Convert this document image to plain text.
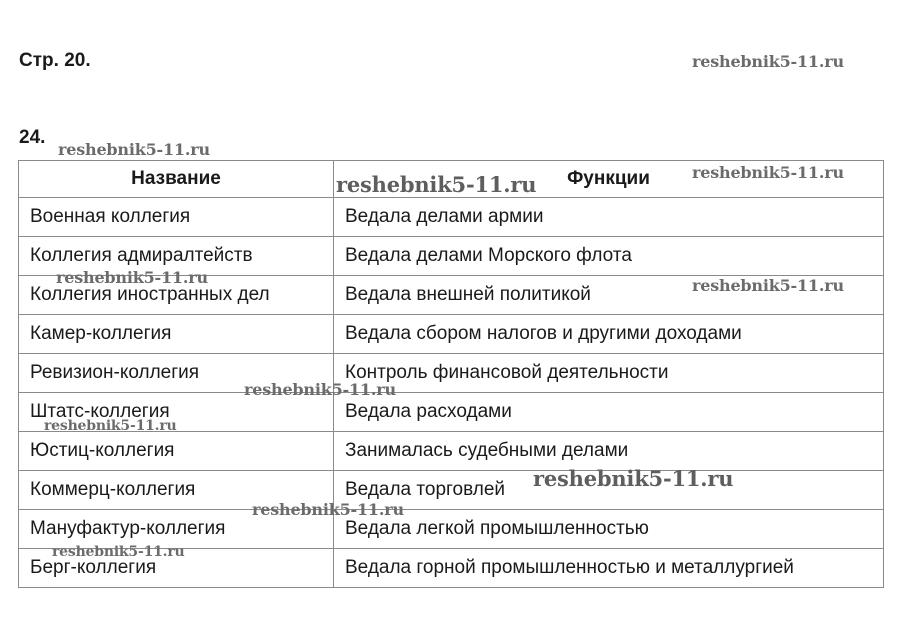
Стр. 20.

24.

Название	Функции
Военная коллегия	Ведала делами армии
Коллегия адмиралтейств	Ведала делами Морского флота
Коллегия иностранных дел	Ведала внешней политикой
Камер-коллегия	Ведала сбором налогов и другими доходами
Ревизион-коллегия	Контроль финансовой деятельности
Штатс-коллегия	Ведала расходами
Юстиц-коллегия	Занималась судебными делами
Коммерц-коллегия	Ведала торговлей
Мануфактур-коллегия	Ведала легкой промышленностью
Берг-коллегия	Ведала горной промышленностью и металлургией
reshebnik5-11.ru
reshebnik5-11.ru
reshebnik5-11.ru	reshebnik5-11.ru
reshebnik5-11.ru	reshebnik5-11.ru
reshebnik5-11.ru
reshebnik5-11.ru
reshebnik5-11.ru
reshebnik5-11.ru
reshebnik5-11.ru
